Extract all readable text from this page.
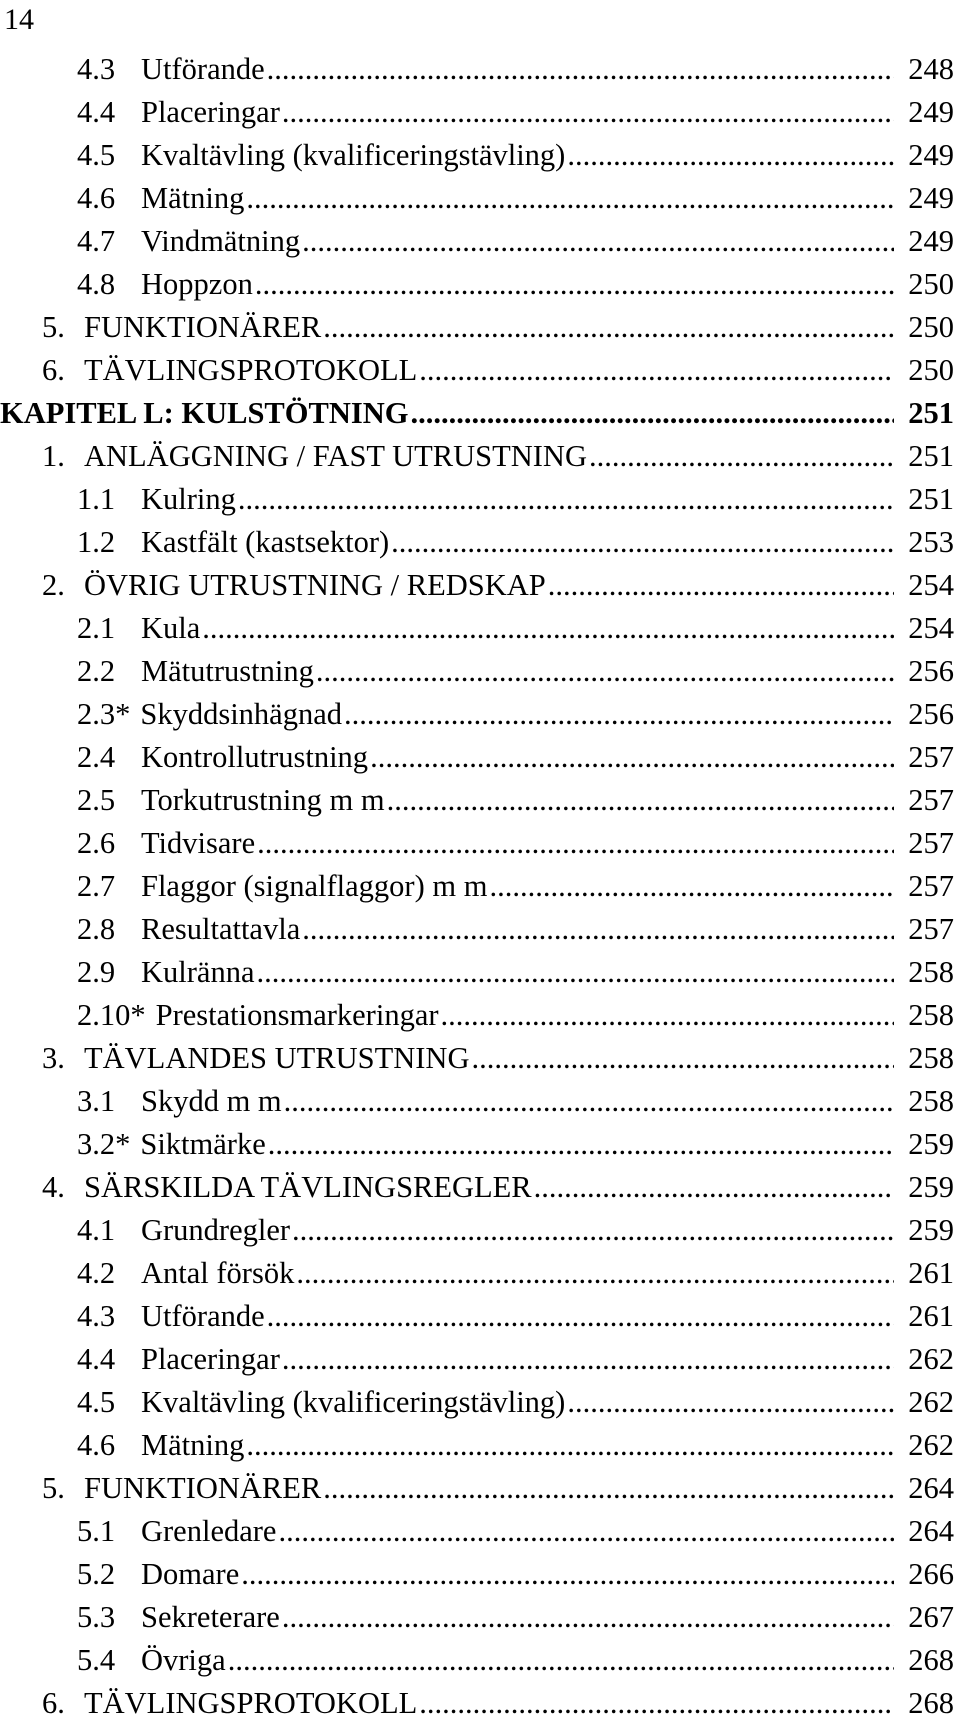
14
4.3 Utförande .....	248
4.4 Placeringar .....	249
4.5 Kvaltävling (kvalificeringstävling) .....	249
4.6 Mätning .....	249
4.7 Vindmätning .....	249
4.8 Hoppzon .....	250
5. FUNKTIONÄRER .....	250
6. TÄVLINGSPROTOKOLL .....	250
KAPITEL L: KULSTÖTNING .....	251
1. ANLÄGGNING / FAST UTRUSTNING .....	251
1.1 Kulring .....	251
1.2 Kastfält (kastsektor) .....	253
2. ÖVRIG UTRUSTNING / REDSKAP .....	254
2.1 Kula .....	254
2.2 Mätutrustning .....	256
2.3* Skyddsinhägnad .....	256
2.4 Kontrollutrustning .....	257
2.5 Torkutrustning m m .....	257
2.6 Tidvisare .....	257
2.7 Flaggor (signalflaggor) m m .....	257
2.8 Resultattavla .....	257
2.9 Kulränna .....	258
2.10* Prestationsmarkeringar .....	258
3. TÄVLANDES UTRUSTNING .....	258
3.1 Skydd m m .....	258
3.2* Siktmärke .....	259
4. SÄRSKILDA TÄVLINGSREGLER .....	259
4.1 Grundregler .....	259
4.2 Antal försök .....	261
4.3 Utförande .....	261
4.4 Placeringar .....	262
4.5 Kvaltävling (kvalificeringstävling) .....	262
4.6 Mätning .....	262
5. FUNKTIONÄRER .....	264
5.1 Grenledare .....	264
5.2 Domare .....	266
5.3 Sekreterare .....	267
5.4 Övriga .....	268
6. TÄVLINGSPROTOKOLL .....	268
